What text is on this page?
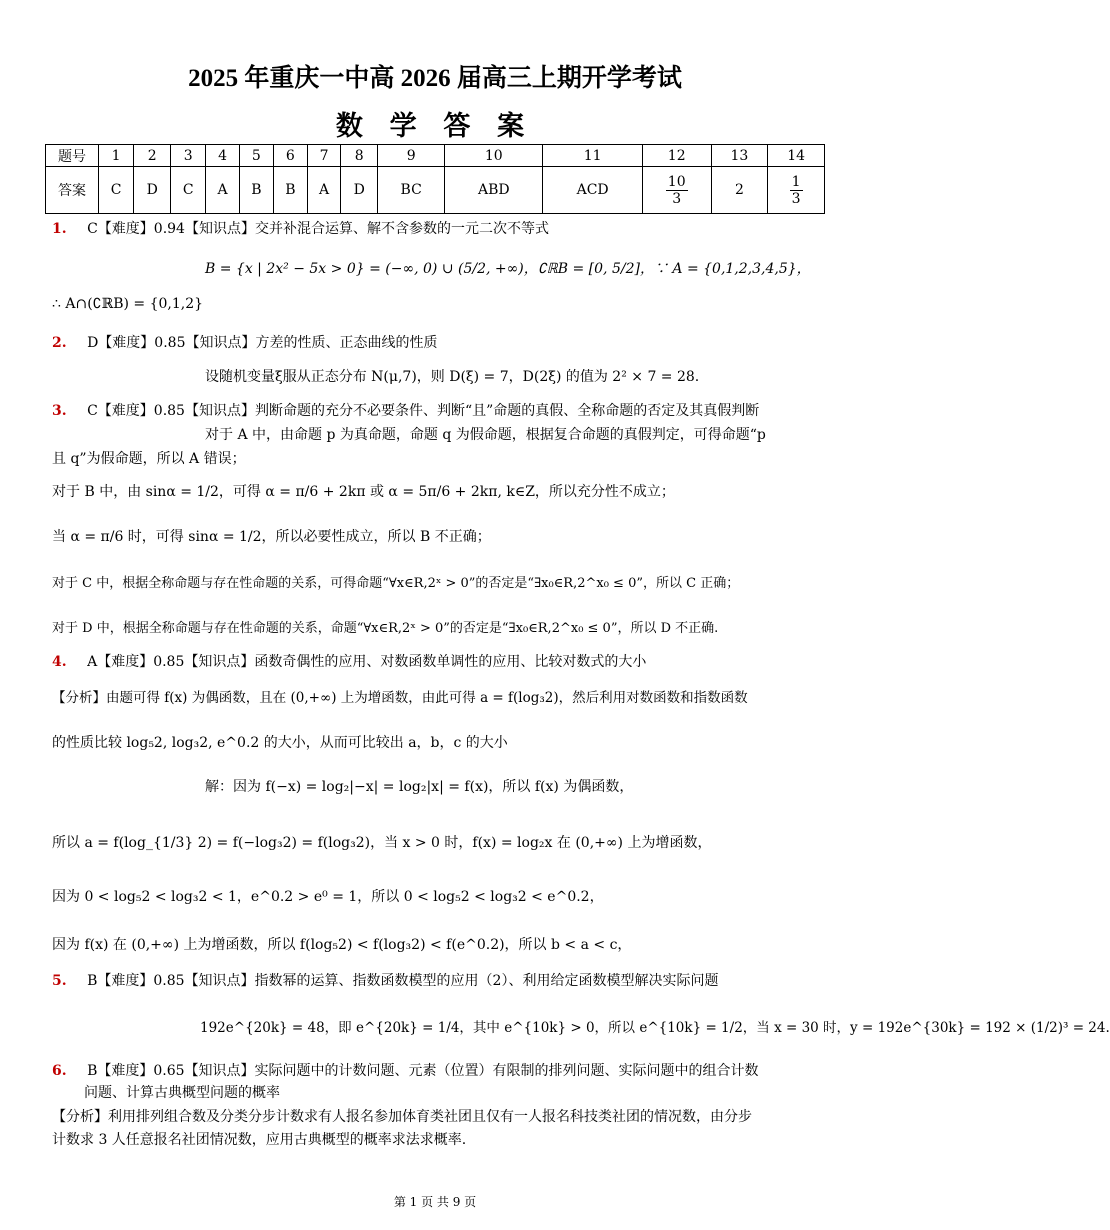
2025 年重庆一中高 2026 届高三上期开学考试
数 学 答 案
题号	1	2	3	4	5	6	7	8	9	10	11	12	13	14
答案	C	D	C	A	B	B	A	D	BC	ABD	ACD	$\frac{10}{3}$	2	$\frac{1}{3}$
1. C【难度】0.94【知识点】交并补混合运算、解不含参数的一元二次不等式
B = {x | 2x² − 5x > 0} = (−∞, 0) ∪ (5/2, +∞)，∁ℝB = [0, 5/2]，∵ A = {0,1,2,3,4,5}，
∴ A∩(∁ℝB) = {0,1,2}
2. D【难度】0.85【知识点】方差的性质、正态曲线的性质
设随机变量ξ服从正态分布 N(μ,7)，则 D(ξ) = 7，D(2ξ) 的值为 2² × 7 = 28.
3. C【难度】0.85【知识点】判断命题的充分不必要条件、判断“且”命题的真假、全称命题的否定及其真假判断
对于 A 中，由命题 p 为真命题，命题 q 为假命题，根据复合命题的真假判定，可得命题“p
且 q”为假命题，所以 A 错误；
对于 B 中，由 sinα = 1/2，可得 α = π/6 + 2kπ 或 α = 5π/6 + 2kπ, k∈Z，所以充分性不成立；
当 α = π/6 时，可得 sinα = 1/2，所以必要性成立，所以 B 不正确；
对于 C 中，根据全称命题与存在性命题的关系，可得命题“∀x∈R,2ˣ > 0”的否定是“∃x₀∈R,2^x₀ ≤ 0”，所以 C 正确；
对于 D 中，根据全称命题与存在性命题的关系，命题“∀x∈R,2ˣ > 0”的否定是“∃x₀∈R,2^x₀ ≤ 0”，所以 D 不正确.
4. A【难度】0.85【知识点】函数奇偶性的应用、对数函数单调性的应用、比较对数式的大小
【分析】由题可得 f(x) 为偶函数，且在 (0,+∞) 上为增函数，由此可得 a = f(log₃2)，然后利用对数函数和指数函数
的性质比较 log₅2, log₃2, e^0.2 的大小，从而可比较出 a，b，c 的大小
解：因为 f(−x) = log₂|−x| = log₂|x| = f(x)，所以 f(x) 为偶函数，
所以 a = f(log_{1/3} 2) = f(−log₃2) = f(log₃2)，当 x > 0 时，f(x) = log₂x 在 (0,+∞) 上为增函数，
因为 0 < log₅2 < log₃2 < 1，e^0.2 > e⁰ = 1，所以 0 < log₅2 < log₃2 < e^0.2，
因为 f(x) 在 (0,+∞) 上为增函数，所以 f(log₅2) < f(log₃2) < f(e^0.2)，所以 b < a < c，
5. B【难度】0.85【知识点】指数幂的运算、指数函数模型的应用（2）、利用给定函数模型解决实际问题
192e^{20k} = 48，即 e^{20k} = 1/4，其中 e^{10k} > 0，所以 e^{10k} = 1/2，当 x = 30 时，y = 192e^{30k} = 192 × (1/2)³ = 24.
6. B【难度】0.65【知识点】实际问题中的计数问题、元素（位置）有限制的排列问题、实际问题中的组合计数
问题、计算古典概型问题的概率
【分析】利用排列组合数及分类分步计数求有人报名参加体育类社团且仅有一人报名科技类社团的情况数，由分步
计数求 3 人任意报名社团情况数，应用古典概型的概率求法求概率.
第 1 页 共 9 页
